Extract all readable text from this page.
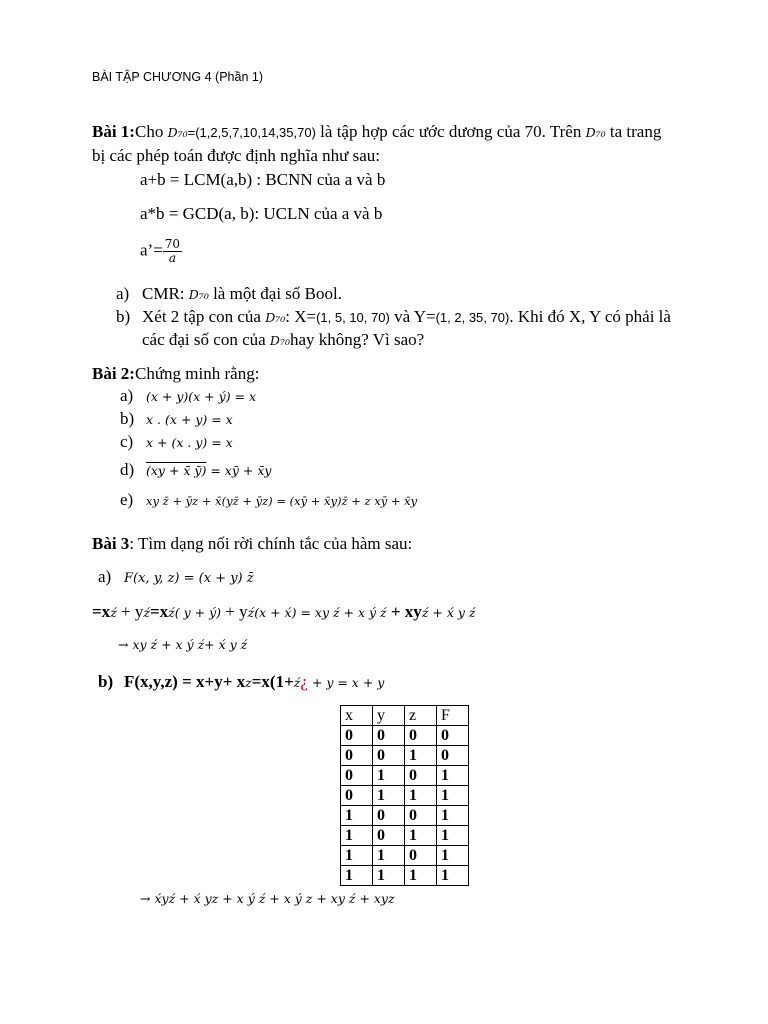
BÀI TẬP CHƯƠNG 4 (Phần 1)
Bài 1:Cho D₇₀=(1,2,5,7,10,14,35,70) là tập hợp các ước dương của 70. Trên D₇₀ ta trang
bị các phép toán được định nghĩa như sau:
a+b = LCM(a,b) : BCNN của a và b
a*b = GCD(a, b): UCLN của a và b
a’= $\frac{70}{a}$
a) CMR: D₇₀ là một đại số Bool.
b) Xét 2 tập con của D₇₀: X=(1, 5, 10, 70) và Y=(1, 2, 35, 70). Khi đó X, Y có phải là
các đại số con của D₇₀hay không? Vì sao?
Bài 2:Chứng minh rằng:
a) (x + y)(x + ý) = x
b) x . (x + y) = x
c) x + (x . y) = x
d) (xy + x̄ ȳ) = xȳ + x̄y
e) xy z̄ + ȳz + x̄(yz̄ + ȳz) = (xȳ + x̄y)z̄ + z xȳ + x̄y
Bài 3: Tìm dạng nối rời chính tắc của hàm sau:
a) F(x, y, z) = (x + y) z̄
=xź + yź=xź( y + ý) + yź(x + x́) = xy ź + x ý ź + xyź + x́ y ź
→ xy ź + x ý ź+ x́ y ź
b) F(x,y,z) = x+y+ xz=x(1+ź¿ + y = x + y
x	y	z	F
0	0	0	0
0	0	1	0
0	1	0	1
0	1	1	1
1	0	0	1
1	0	1	1
1	1	0	1
1	1	1	1
→ x́yź + x́ yz + x ý ź + x ý z + xy ź + xyz
